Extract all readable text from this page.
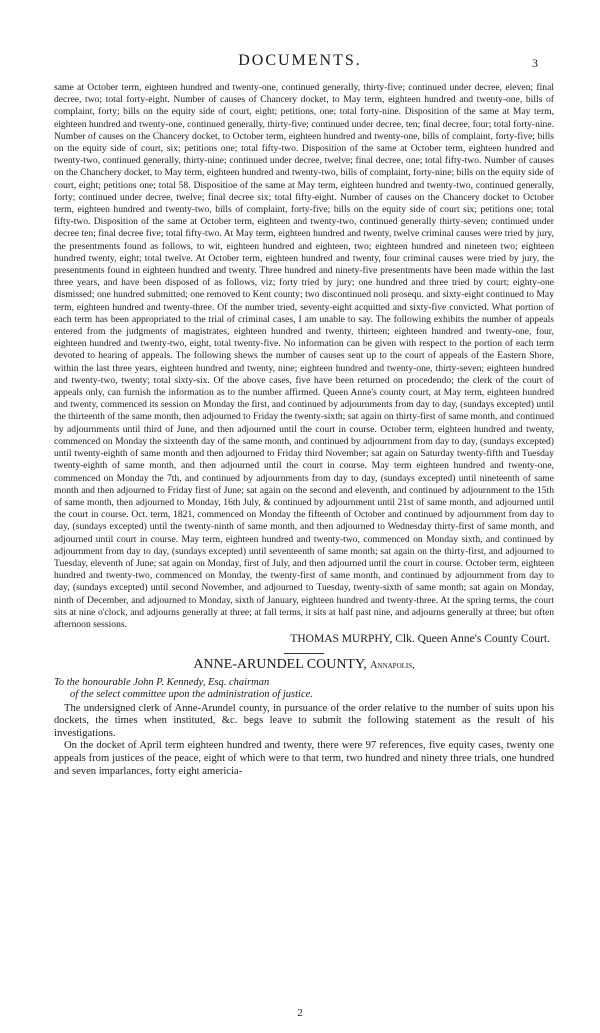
DOCUMENTS.	3

same at October term, eighteen hundred and twenty-one, continued generally, thirty-five; continued under decree, eleven; final decree, two; total forty-eight. Number of causes of Chancery docket, to May term, eighteen hundred and twenty-one, bills of complaint, forty; bills on the equity side of court, eight; petitions, one; total forty-nine. Disposition of the same at May term, eighteen hundred and twenty-one, continued generally, thirty-five; continued under decree, ten; final decree, four; total forty-nine. Number of causes on the Chancery docket, to October term, eighteen hundred and twenty-one, bills of complaint, forty-five; bills on the equity side of court, six; petitions one; total fifty-two. Disposition of the same at October term, eighteen hundred and twenty-two, continued generally, thirty-nine; continued under decree, twelve; final decree, one; total fifty-two. Number of causes on the Chanchery docket, to May term, eighteen hundred and twenty-two, bills of complaint, forty-nine; bills on the equity side of court, eight; petitions one; total 58. Dispositioe of the same at May term, eighteen hundred and twenty-two, continued generally, forty; continued under decree, twelve; final decree six; total fifty-eight. Number of causes on the Chancery docket to October term, eighteen hundred and twenty-two, bills of complaint, forty-five; bills on the equity side of court six; petitions one; total fifty-two. Disposition of the same at October term, eighteen and twenty-two, continued generally thirty-seven; continued under decree ten; final decree five; total fifty-two. At May term, eighteen hundred and twenty, twelve criminal causes were tried by jury, the presentments found as follows, to wit, eighteen hundred and eighteen, two; eighteen hundred and nineteen two; eighteen hundred twenty, eight; total twelve. At October term, eighteen hundred and twenty, four criminal causes were tried by jury, the presentments found in eighteen hundred and twenty. Three hundred and ninety-five presentments have been made within the last three years, and have been disposed of as follows, viz; forty tried by jury; one hundred and three tried by court; eighty-one dismissed; one hundred submitted; one removed to Kent county; two discontinued noli prosequ. and sixty-eight continued to May term, eighteen hundred and twenty-three. Of the number tried, seventy-eight acquitted and sixty-five convicted. What portion of each term has been appropriated to the trial of criminal cases, I am unable to say. The following exhibits the number of appeals entered from the judgments of magistrates, eighteen hundred and twenty, thirteen; eighteen hundred and twenty-one, four, eighteen hundred and twenty-two, eight, total twenty-five. No information can be given with respect to the portion of each term devoted to hearing of appeals. The following shews the number of causes sent up to the court of appeals of the Eastern Shore, within the last three years, eighteen hundred and twenty, nine; eighteen hundred and twenty-one, thirty-seven; eighteen hundred and twenty-two, twenty; total sixty-six. Of the above cases, five have been returned on procedendo; the clerk of the court of appeals only, can furnish the information as to the number affirmed. Queen Anne's county court, at May term, eighteen hundred and twenty, commenced its session on Monday the first, and continued by adjournments from day to day, (sundays excepted) until the thirteenth of the same month, then adjourned to Friday the twenty-sixth; sat again on thirty-first of same month, and continued by adjournments until third of June, and then adjourned until the court in course. October term, eighteen hundred and twenty, commenced on Monday the sixteenth day of the same month, and continued by adjournment from day to day, (sundays excepted) until twenty-eighth of same month and then adjourned to Friday third November; sat again on Saturday twenty-fifth and Tuesday twenty-eighth of same month, and then adjourned until the court in course. May term eighteen hundred and twenty-one, commenced on Monday the 7th, and continued by adjournments from day to day, (sundays excepted) until nineteenth of same month and then adjourned to Friday first of June; sat again on the second and eleventh, and continued by adjournment to the 15th of same month, then adjourned to Monday, 16th July, & continued by adjournment until 21st of same month, and adjourned until the court in course. Oct. term, 1821, commenced on Monday the fifteenth of October and continued by adjournment from day to day, (sundays excepted) until the twenty-ninth of same month, and then adjourned to Wednesday thirty-first of same month, and adjourned until court in course. May term, eighteen hundred and twenty-two, commenced on Monday sixth, and continued by adjournment from day to day, (sundays excepted) until seventeenth of same month; sat again on the thirty-first, and adjourned to Tuesday, eleventh of June; sat again on Monday, first of July, and then adjourned until the court in course. October term, eighteen hundred and twenty-two, commenced on Monday, the twenty-first of same month, and continued by adjournment from day to day, (sundays excepted) until second November, and adjourned to Tuesday, twenty-sixth of same month; sat again on Monday, ninth of December, and adjourned to Monday, sixth of January, eighteen hundred and twenty-three. At the spring terms, the court sits at nine o'clock, and adjourns generally at three; at fall terms, it sits at half past nine, and adjourns generally at three; but often afternoon sessions.

THOMAS MURPHY, Clk. Queen Anne's County Court.

ANNE-ARUNDEL COUNTY, Annapolis,

To the honourable John P. Kennedy, Esq. chairman
of the select committee upon the administration of justice.

The undersigned clerk of Anne-Arundel county, in pursuance of the order relative to the number of suits upon his dockets, the times when instituted, &c. begs leave to submit the following statement as the result of his investigations.

On the docket of April term eighteen hundred and twenty, there were 97 references, five equity cases, twenty one appeals from justices of the peace, eight of which were to that term, two hundred and ninety three trials, one hundred and seven imparlances, forty eight americia-

2
